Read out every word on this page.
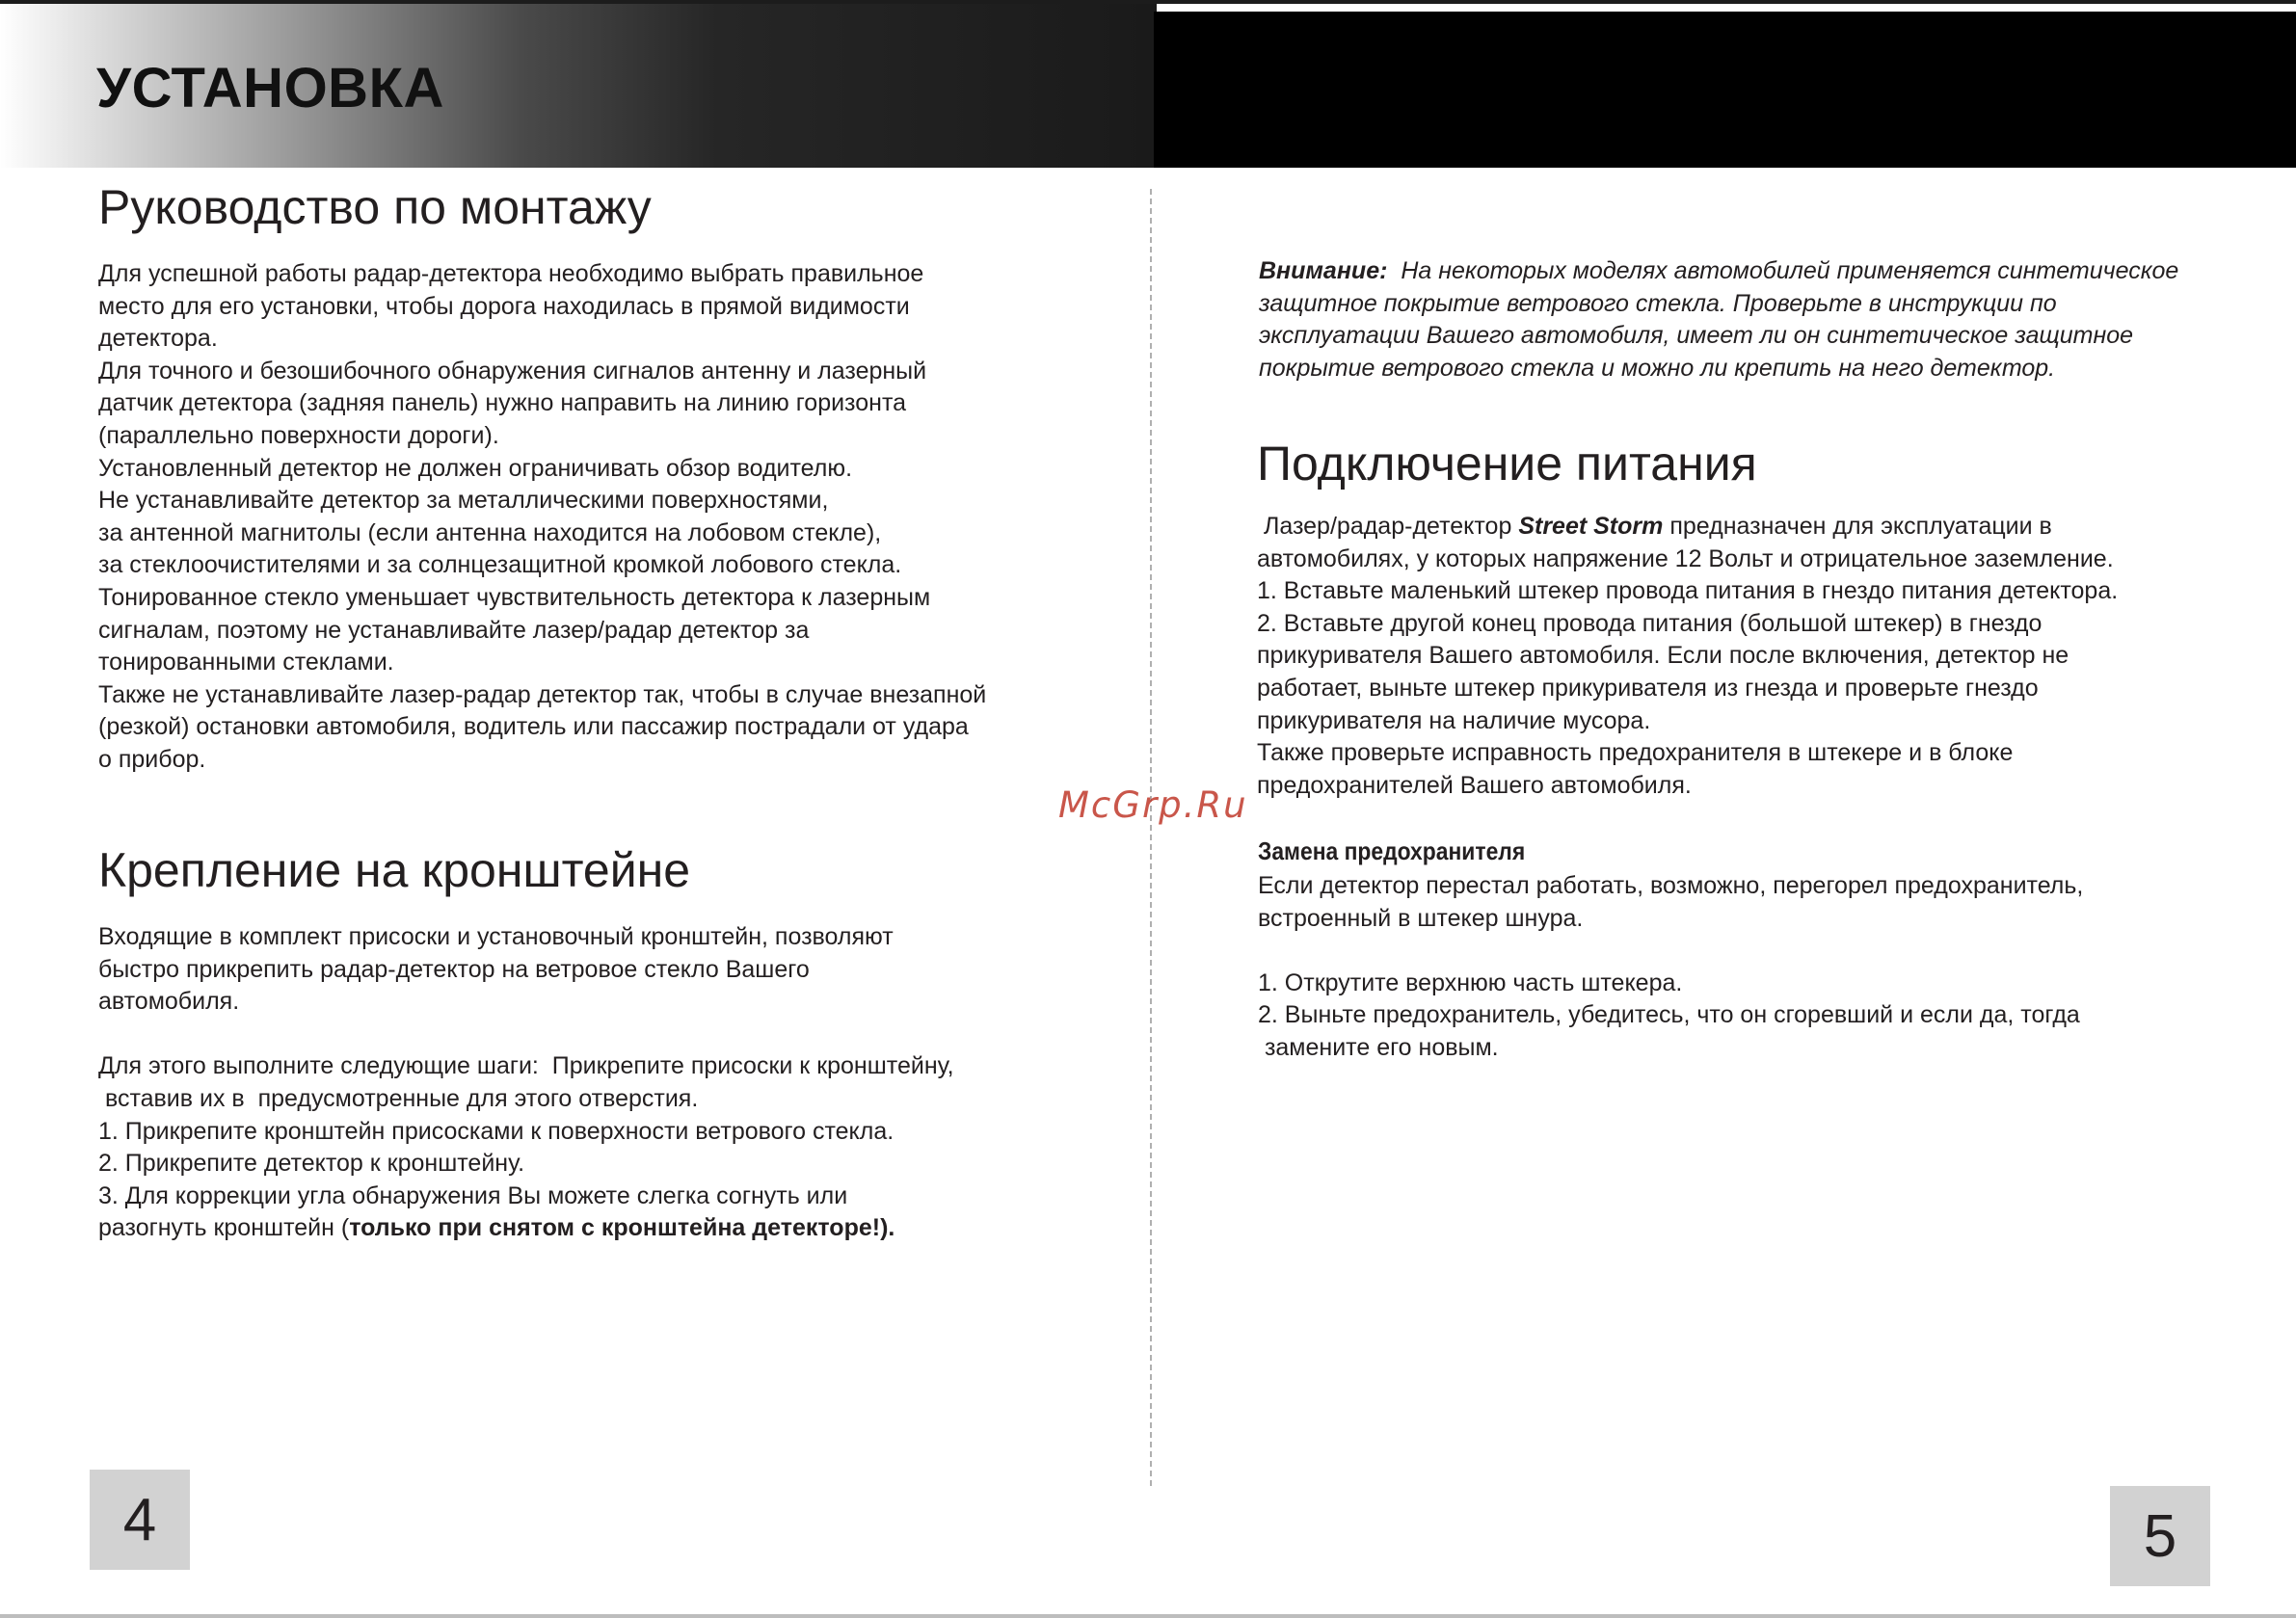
УСТАНОВКА
Руководство по монтажу

Для успешной работы радар-детектора необходимо выбрать правильное

место для его установки, чтобы дорога находилась в прямой видимости

детектора.

Для точного и безошибочного обнаружения сигналов антенну и лазерный

датчик детектора (задняя панель) нужно направить на линию горизонта

(параллельно поверхности дороги).

Установленный детектор не должен ограничивать обзор водителю.

Не устанавливайте детектор за металлическими поверхностями,

за антенной магнитолы (если антенна находится на лобовом стекле),

за стеклоочистителями и за солнцезащитной кромкой лобового стекла.

Тонированное стекло уменьшает чувствительность детектора к лазерным

сигналам, поэтому не устанавливайте лазер/радар детектор за

тонированными стеклами.

Также не устанавливайте лазер-радар детектор так, чтобы в случае внезапной

(резкой) остановки автомобиля, водитель или пассажир пострадали от удара

о прибор.

Крепление на кронштейне

Входящие в комплект присоски и установочный кронштейн, позволяют

быстро прикрепить радар-детектор на ветровое стекло Вашего

автомобиля.

Для этого выполните следующие шаги:  Прикрепите присоски к кронштейну,

вставив их в  предусмотренные для этого отверстия.

1. Прикрепите кронштейн присосками к поверхности ветрового стекла.

2. Прикрепите детектор к кронштейну.

3. Для коррекции угла обнаружения Вы можете слегка согнуть или

разогнуть кронштейн (только при снятом с кронштейна детекторе!).

4

Внимание:  На некоторых моделях автомобилей применяется синтетическое

защитное покрытие ветрового стекла. Проверьте в инструкции по

эксплуатации Вашего автомобиля, имеет ли он синтетическое защитное

покрытие ветрового стекла и можно ли крепить на него детектор.

Подключение питания

Лазер/радар-детектор Street Storm предназначен для эксплуатации в

автомобилях, у которых напряжение 12 Вольт и отрицательное заземление.

1. Вставьте маленький штекер провода питания в гнездо питания детектора.

2. Вставьте другой конец провода питания (большой штекер) в гнездо

прикуривателя Вашего автомобиля. Если после включения, детектор не

работает, выньте штекер прикуривателя из гнезда и проверьте гнездо

прикуривателя на наличие мусора.

Также проверьте исправность предохранителя в штекере и в блоке

предохранителей Вашего автомобиля.

Замена предохранителя

Если детектор перестал работать, возможно, перегорел предохранитель,

встроенный в штекер шнура.

1. Открутите верхнюю часть штекера.

2. Выньте предохранитель, убедитесь, что он сгоревший и если да, тогда

замените его новым.

5

McGrp.Ru
